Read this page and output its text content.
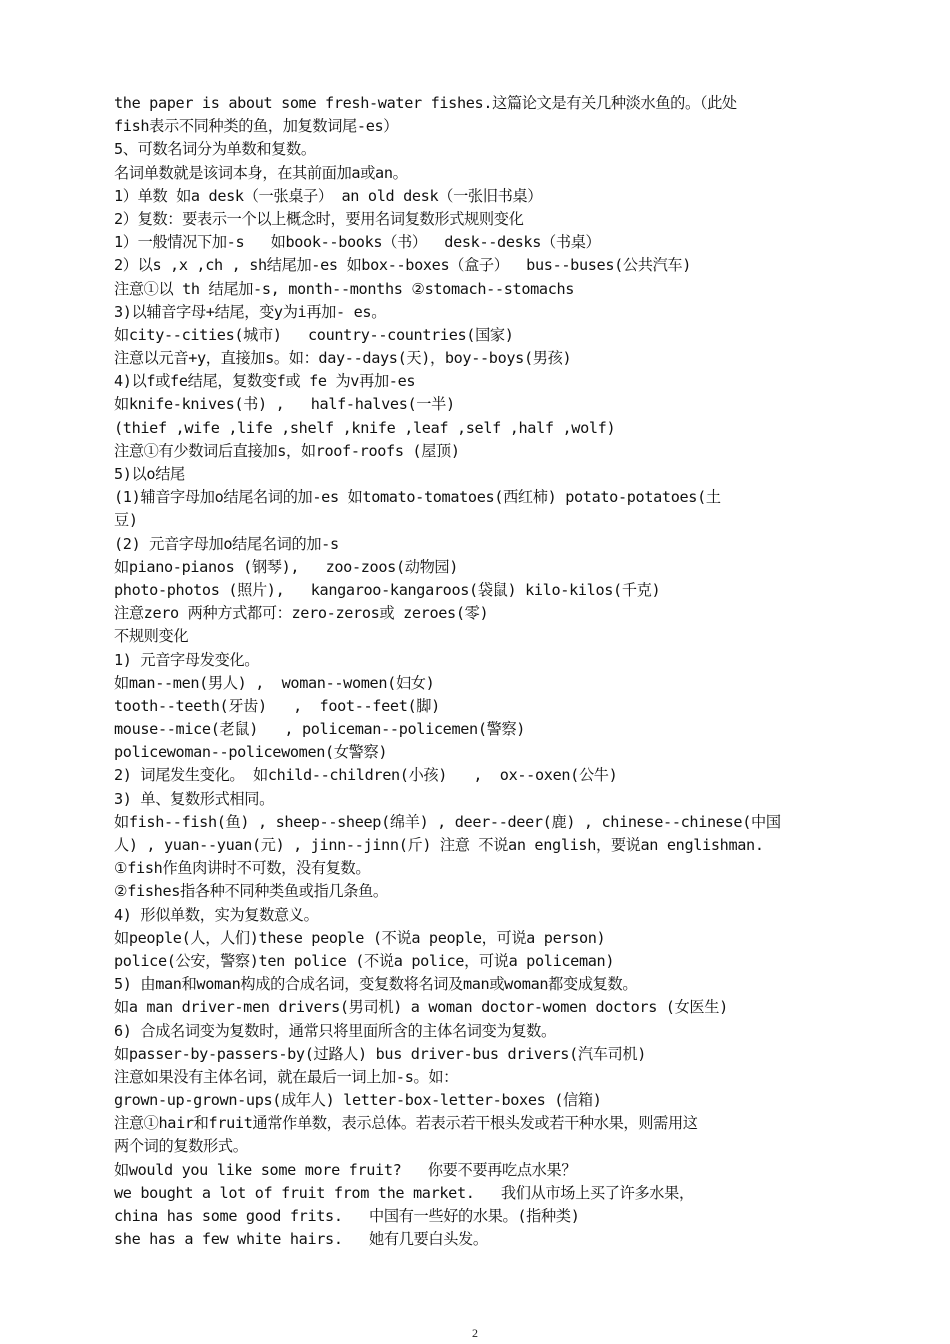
the paper is about some fresh-water fishes.这篇论文是有关几种淡水鱼的。（此处
fish表示不同种类的鱼，加复数词尾-es）
5、可数名词分为单数和复数。
名词单数就是该词本身，在其前面加a或an。
1）单数 如a desk（一张桌子） an old desk（一张旧书桌）
2）复数：要表示一个以上概念时，要用名词复数形式规则变化
1）一般情况下加-s   如book--books（书）  desk--desks（书桌）
2）以s ,x ,ch , sh结尾加-es 如box--boxes（盒子）  bus--buses(公共汽车)
注意①以 th 结尾加-s, month--months ②stomach--stomachs
3)以辅音字母+结尾，变y为i再加- es。
如city--cities(城市)   country--countries(国家)
注意以元音+y，直接加s。如：day--days(天)，boy--boys(男孩)
4)以f或fe结尾，复数变f或 fe 为v再加-es
如knife-knives(书) ,   half-halves(一半)
(thief ,wife ,life ,shelf ,knife ,leaf ,self ,half ,wolf)
注意①有少数词后直接加s，如roof-roofs (屋顶)
5)以o结尾
(1)辅音字母加o结尾名词的加-es 如tomato-tomatoes(西红柿) potato-potatoes(土
豆)
(2) 元音字母加o结尾名词的加-s
如piano-pianos (钢琴),   zoo-zoos(动物园)
photo-photos (照片),   kangaroo-kangaroos(袋鼠) kilo-kilos(千克)
注意zero 两种方式都可：zero-zeros或 zeroes(零)
不规则变化
1) 元音字母发变化。
如man--men(男人) ,  woman--women(妇女)
tooth--teeth(牙齿)   ,  foot--feet(脚)
mouse--mice(老鼠)   , policeman--policemen(警察)
policewoman--policewomen(女警察)
2) 词尾发生变化。 如child--children(小孩)   ,  ox--oxen(公牛)
3) 单、复数形式相同。
如fish--fish(鱼) , sheep--sheep(绵羊) , deer--deer(鹿) , chinese--chinese(中国
人) , yuan--yuan(元) , jinn--jinn(斤) 注意 不说an english，要说an englishman.
①fish作鱼肉讲时不可数，没有复数。
②fishes指各种不同种类鱼或指几条鱼。
4) 形似单数，实为复数意义。
如people(人，人们)these people (不说a people，可说a person)
police(公安，警察)ten police (不说a police，可说a policeman)
5) 由man和woman构成的合成名词，变复数将名词及man或woman都变成复数。
如a man driver-men drivers(男司机) a woman doctor-women doctors (女医生)
6) 合成名词变为复数时，通常只将里面所含的主体名词变为复数。
如passer-by-passers-by(过路人) bus driver-bus drivers(汽车司机)
注意如果没有主体名词，就在最后一词上加-s。如：
grown-up-grown-ups(成年人) letter-box-letter-boxes (信箱)
注意①hair和fruit通常作单数，表示总体。若表示若干根头发或若干种水果，则需用这
两个词的复数形式。
如would you like some more fruit?   你要不要再吃点水果？
we bought a lot of fruit from the market.   我们从市场上买了许多水果，
china has some good frits.   中国有一些好的水果。(指种类)
she has a few white hairs.   她有几要白头发。
2
